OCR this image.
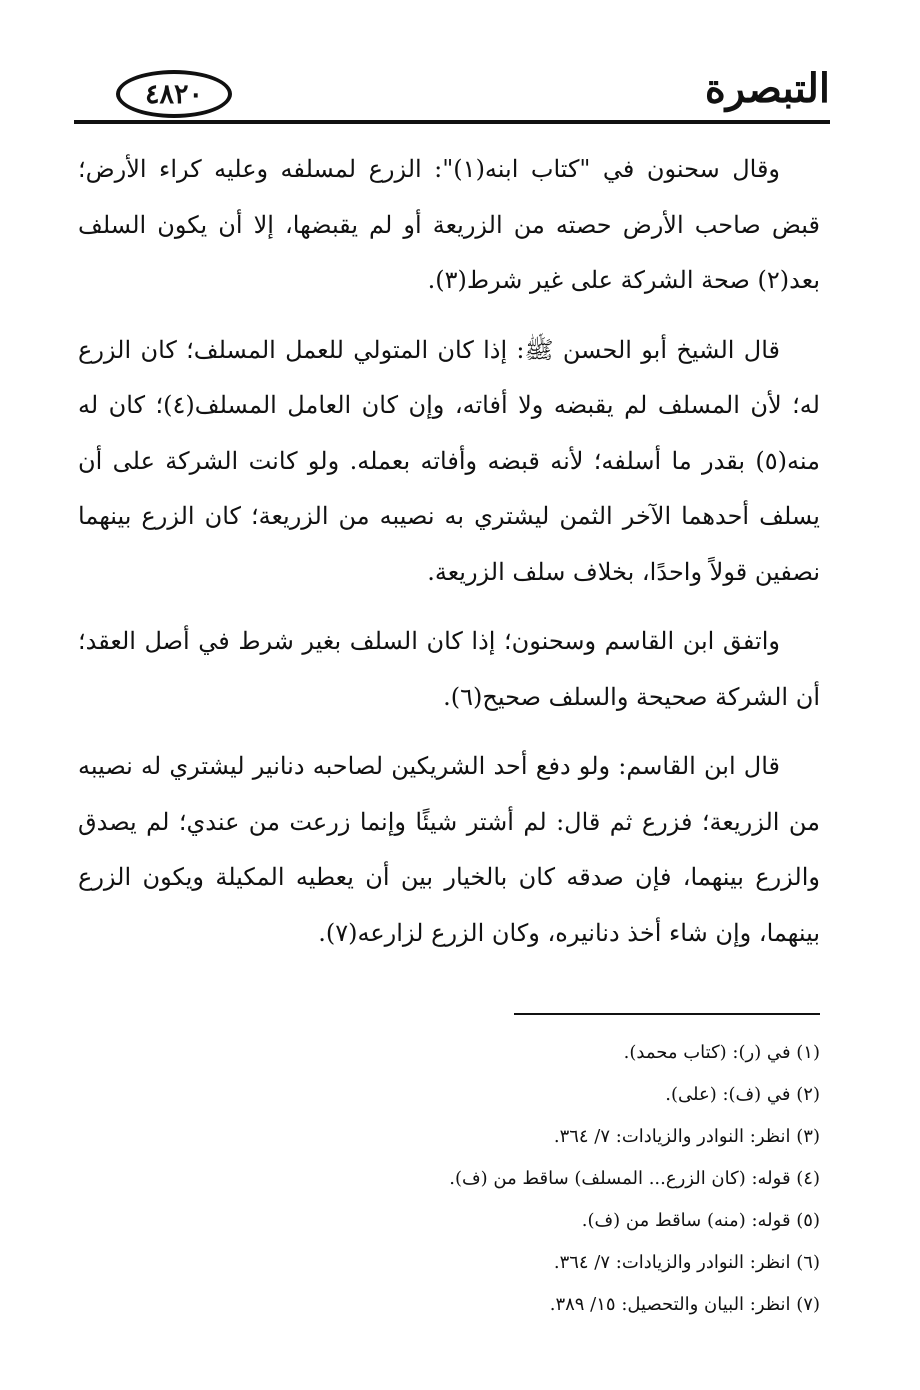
التبصرة
٤٨٢٠

وقال سحنون في "كتاب ابنه(١)": الزرع لمسلفه وعليه كراء الأرض؛ قبض صاحب الأرض حصته من الزريعة أو لم يقبضها، إلا أن يكون السلف بعد(٢) صحة الشركة على غير شرط(٣).

قال الشيخ أبو الحسن ﷺ: إذا كان المتولي للعمل المسلف؛ كان الزرع له؛ لأن المسلف لم يقبضه ولا أفاته، وإن كان العامل المسلف(٤)؛ كان له منه(٥) بقدر ما أسلفه؛ لأنه قبضه وأفاته بعمله. ولو كانت الشركة على أن يسلف أحدهما الآخر الثمن ليشتري به نصيبه من الزريعة؛ كان الزرع بينهما نصفين قولاً واحدًا، بخلاف سلف الزريعة.

واتفق ابن القاسم وسحنون؛ إذا كان السلف بغير شرط في أصل العقد؛ أن الشركة صحيحة والسلف صحيح(٦).

قال ابن القاسم: ولو دفع أحد الشريكين لصاحبه دنانير ليشتري له نصيبه من الزريعة؛ فزرع ثم قال: لم أشتر شيئًا وإنما زرعت من عندي؛ لم يصدق والزرع بينهما، فإن صدقه كان بالخيار بين أن يعطيه المكيلة ويكون الزرع بينهما، وإن شاء أخذ دنانيره، وكان الزرع لزارعه(٧).

(١) في (ر): (كتاب محمد).

(٢) في (ف): (على).

(٣) انظر: النوادر والزيادات: ٧/ ٣٦٤.

(٤) قوله: (كان الزرع... المسلف) ساقط من (ف).

(٥) قوله: (منه) ساقط من (ف).

(٦) انظر: النوادر والزيادات: ٧/ ٣٦٤.

(٧) انظر: البيان والتحصيل: ١٥/ ٣٨٩.
